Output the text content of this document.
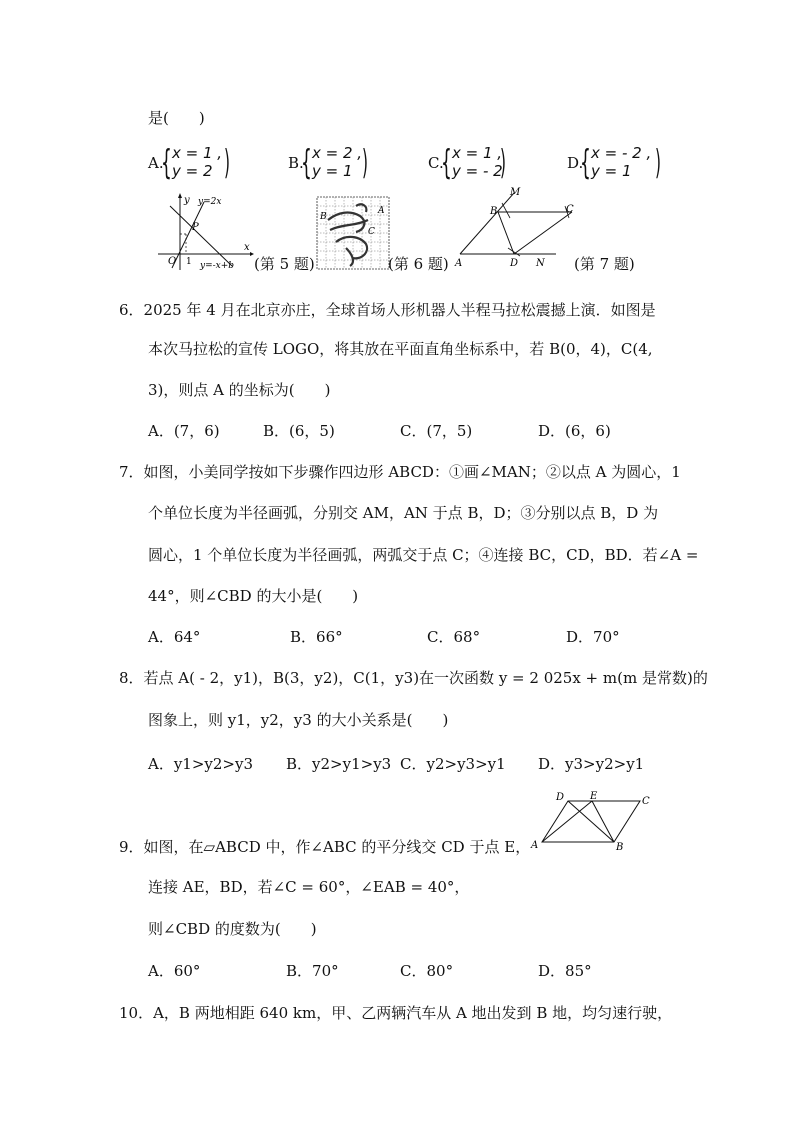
是(　　)
A.
{ x = 1 ,
y = 2 )	B.
{ x = 2 ,
y = 1 )	C.
{ x = 1 ,
y = - 2
)	D.
{ x = - 2 ,
y = 1 )
y y=2x
P
O 1
x
y=-x+b (第 5 题)
B
A
C
(第 6 题)
M
B	C
A	D N (第 7 题)
6．2025 年 4 月在北京亦庄，全球首场人形机器人半程马拉松震撼上演．如图是
本次马拉松的宣传 LOGO，将其放在平面直角坐标系中，若 B(0，4)，C(4,
3)，则点 A 的坐标为(　　)
A．(7，6)	B．(6，5)	C．(7，5)	D．(6，6)
7．如图，小美同学按如下步骤作四边形 ABCD：①画∠MAN；②以点 A 为圆心，1
个单位长度为半径画弧，分别交 AM，AN 于点 B，D；③分别以点 B，D 为
圆心，1 个单位长度为半径画弧，两弧交于点 C；④连接 BC，CD，BD．若∠A =
44°，则∠CBD 的大小是(　　)
A．64°	B．66°	C．68°	D．70°
8．若点 A( - 2，y1)，B(3，y2)，C(1，y3)在一次函数 y = 2 025x + m(m 是常数)的
图象上，则 y1，y2，y3 的大小关系是(　　)
A．y1>y2>y3 B．y2>y1>y3 C．y2>y3>y1 D．y3>y2>y1
D	E	C
A	B
9．如图，在▱ABCD 中，作∠ABC 的平分线交 CD 于点 E，
连接 AE，BD，若∠C = 60°，∠EAB = 40°，
则∠CBD 的度数为(　　)
A．60°	B．70°	C．80°	D．85°
10．A，B 两地相距 640 km，甲、乙两辆汽车从 A 地出发到 B 地，均匀速行驶，
